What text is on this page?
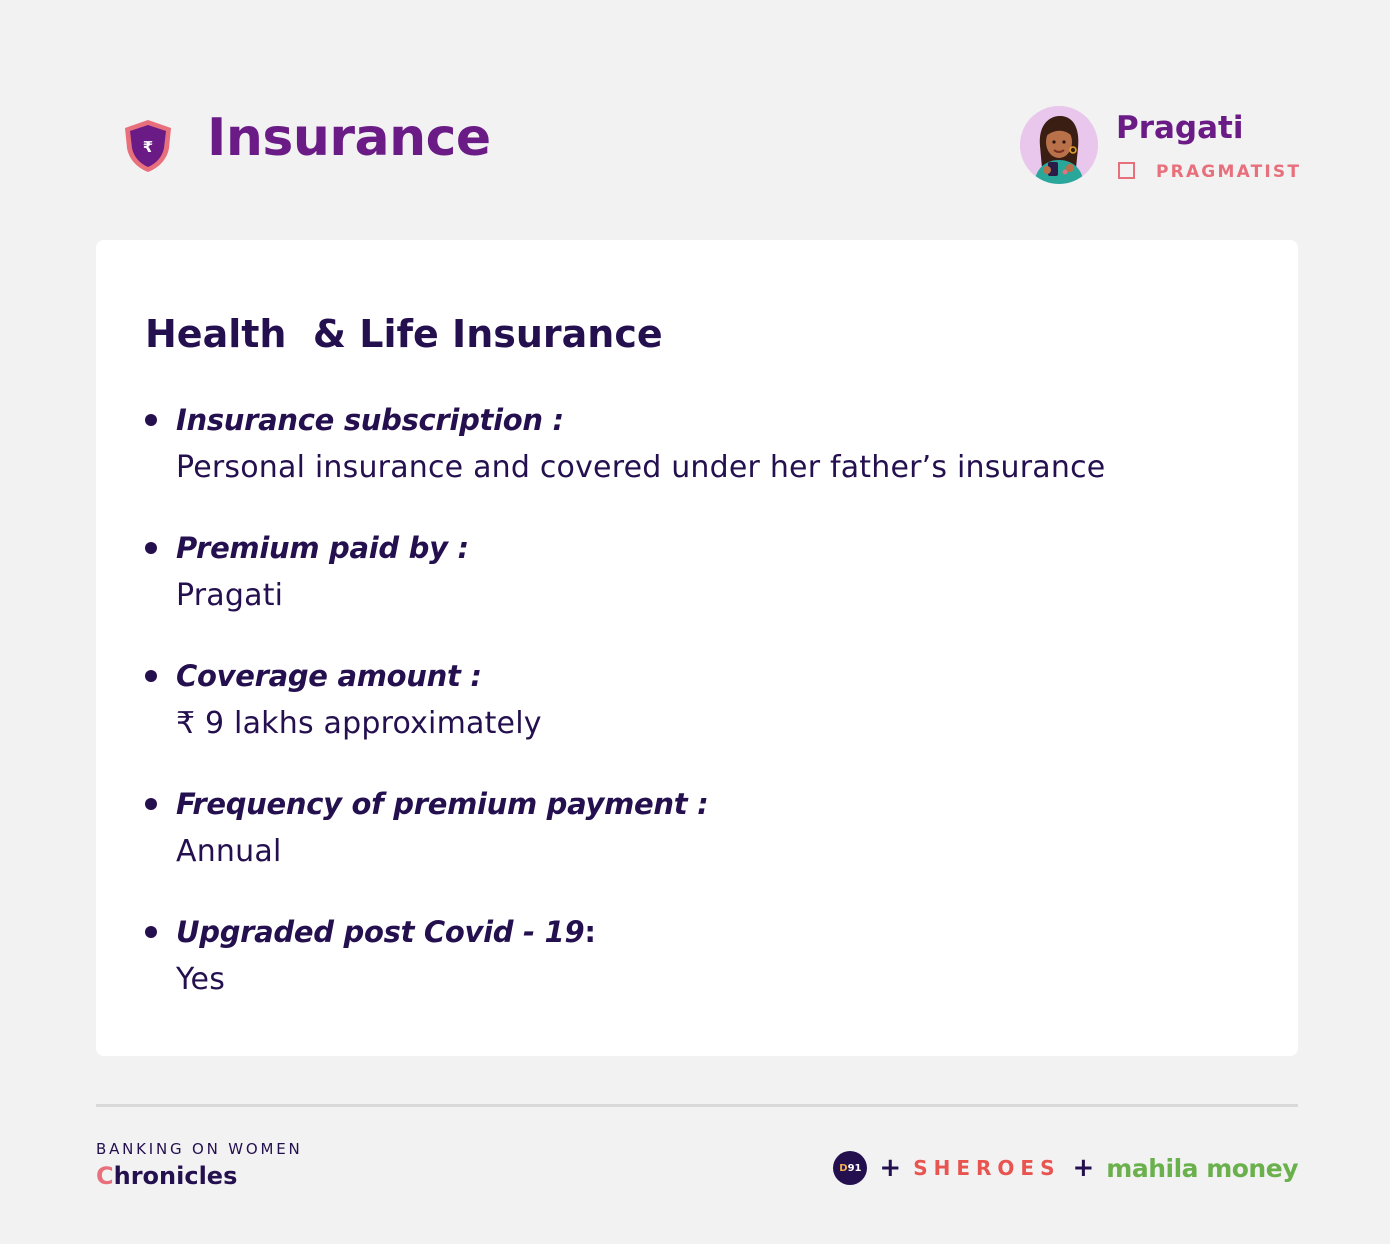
₹ Insurance	Pragati
PRAGMATIST
Health  & Life Insurance
Insurance subscription :
Personal insurance and covered under her father’s insurance
Premium paid by :
Pragati
Coverage amount :
₹ 9 lakhs approximately
Frequency of premium payment :
Annual
Upgraded post Covid - 19:
Yes
BANKING ON WOMEN
Chronicles	D 91 + SHEROES + mahila money
